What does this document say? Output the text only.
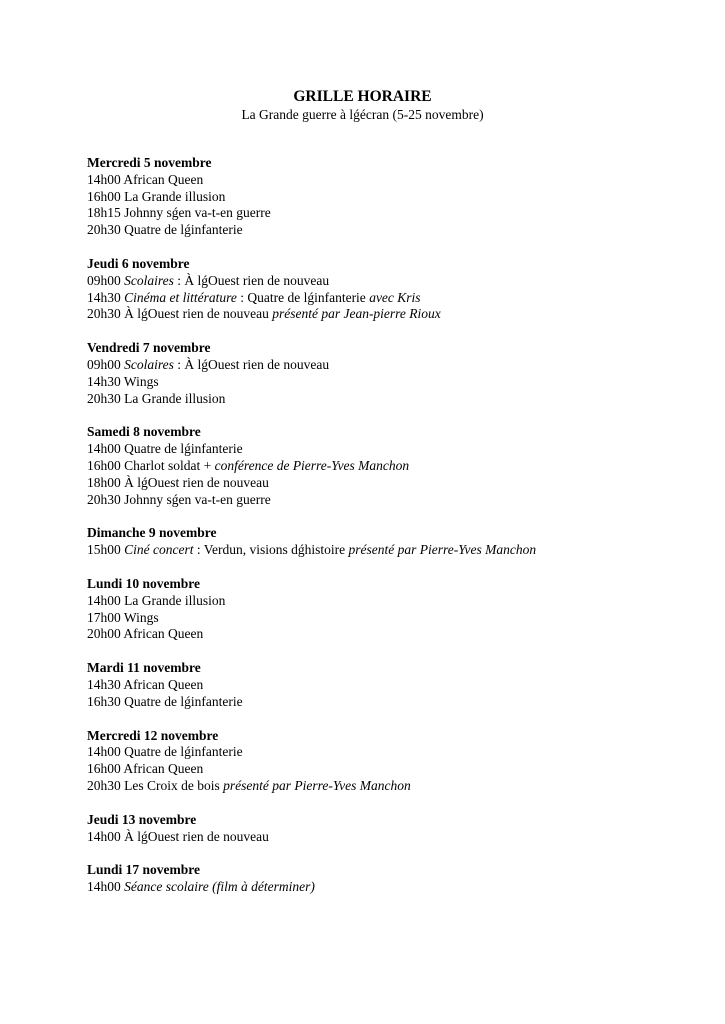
GRILLE HORAIRE

La Grande guerre à lǵécran (5-25 novembre)

Mercredi 5 novembre

14h00 African Queen

16h00 La Grande illusion

18h15 Johnny sǵen va-t-en guerre

20h30 Quatre de lǵinfanterie

Jeudi 6 novembre

09h00 Scolaires : À lǵOuest rien de nouveau

14h30 Cinéma et littérature : Quatre de lǵinfanterie avec Kris

20h30 À lǵOuest rien de nouveau présenté par Jean-pierre Rioux

Vendredi 7 novembre

09h00 Scolaires : À lǵOuest rien de nouveau

14h30 Wings

20h30 La Grande illusion

Samedi 8 novembre

14h00 Quatre de lǵinfanterie

16h00 Charlot soldat + conférence de Pierre-Yves Manchon

18h00 À lǵOuest rien de nouveau

20h30 Johnny sǵen va-t-en guerre

Dimanche 9 novembre

15h00 Ciné concert : Verdun, visions dǵhistoire présenté par Pierre-Yves Manchon

Lundi 10 novembre

14h00 La Grande illusion

17h00 Wings

20h00 African Queen

Mardi 11 novembre

14h30 African Queen

16h30 Quatre de lǵinfanterie

Mercredi 12 novembre

14h00 Quatre de lǵinfanterie

16h00 African Queen

20h30 Les Croix de bois présenté par Pierre-Yves Manchon

Jeudi 13 novembre

14h00 À lǵOuest rien de nouveau

Lundi 17 novembre

14h00 Séance scolaire (film à déterminer)
